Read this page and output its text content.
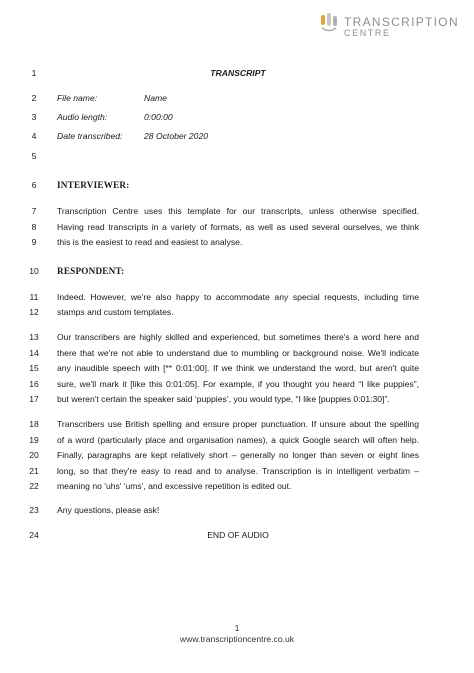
TRANSCRIPTION
CENTRE
1	TRANSCRIPT
2	File name:	Name
3	Audio length:	0:00:00
4	Date transcribed:	28 October 2020
5
6	INTERVIEWER:
7	Transcription Centre uses this template for our transcripts, unless otherwise specified.
8	Having read transcripts in a variety of formats, as well as used several ourselves, we think
9	this is the easiest to read and easiest to analyse.
10	RESPONDENT:
11	Indeed. However, we're also happy to accommodate any special requests, including time
12	stamps and custom templates.
13	Our transcribers are highly skilled and experienced, but sometimes there's a word here and
14	there that we're not able to understand due to mumbling or background noise. We'll indicate
15	any inaudible speech with [** 0:01:00]. If we think we understand the word, but aren't quite
16	sure, we'll mark it [like this 0:01:05]. For example, if you thought you heard “I like puppies”,
17	but weren't certain the speaker said ‘puppies’, you would type, “I like [puppies 0:01:30]”.
18	Transcribers use British spelling and ensure proper punctuation. If unsure about the spelling
19	of a word (particularly place and organisation names), a quick Google search will often help.
20	Finally, paragraphs are kept relatively short – generally no longer than seven or eight lines
21	long, so that they're easy to read and to analyse. Transcription is in intelligent verbatim –
22	meaning no 'uhs' 'ums', and excessive repetition is edited out.
23	Any questions, please ask!
24	END OF AUDIO
1
www.transcriptioncentre.co.uk
